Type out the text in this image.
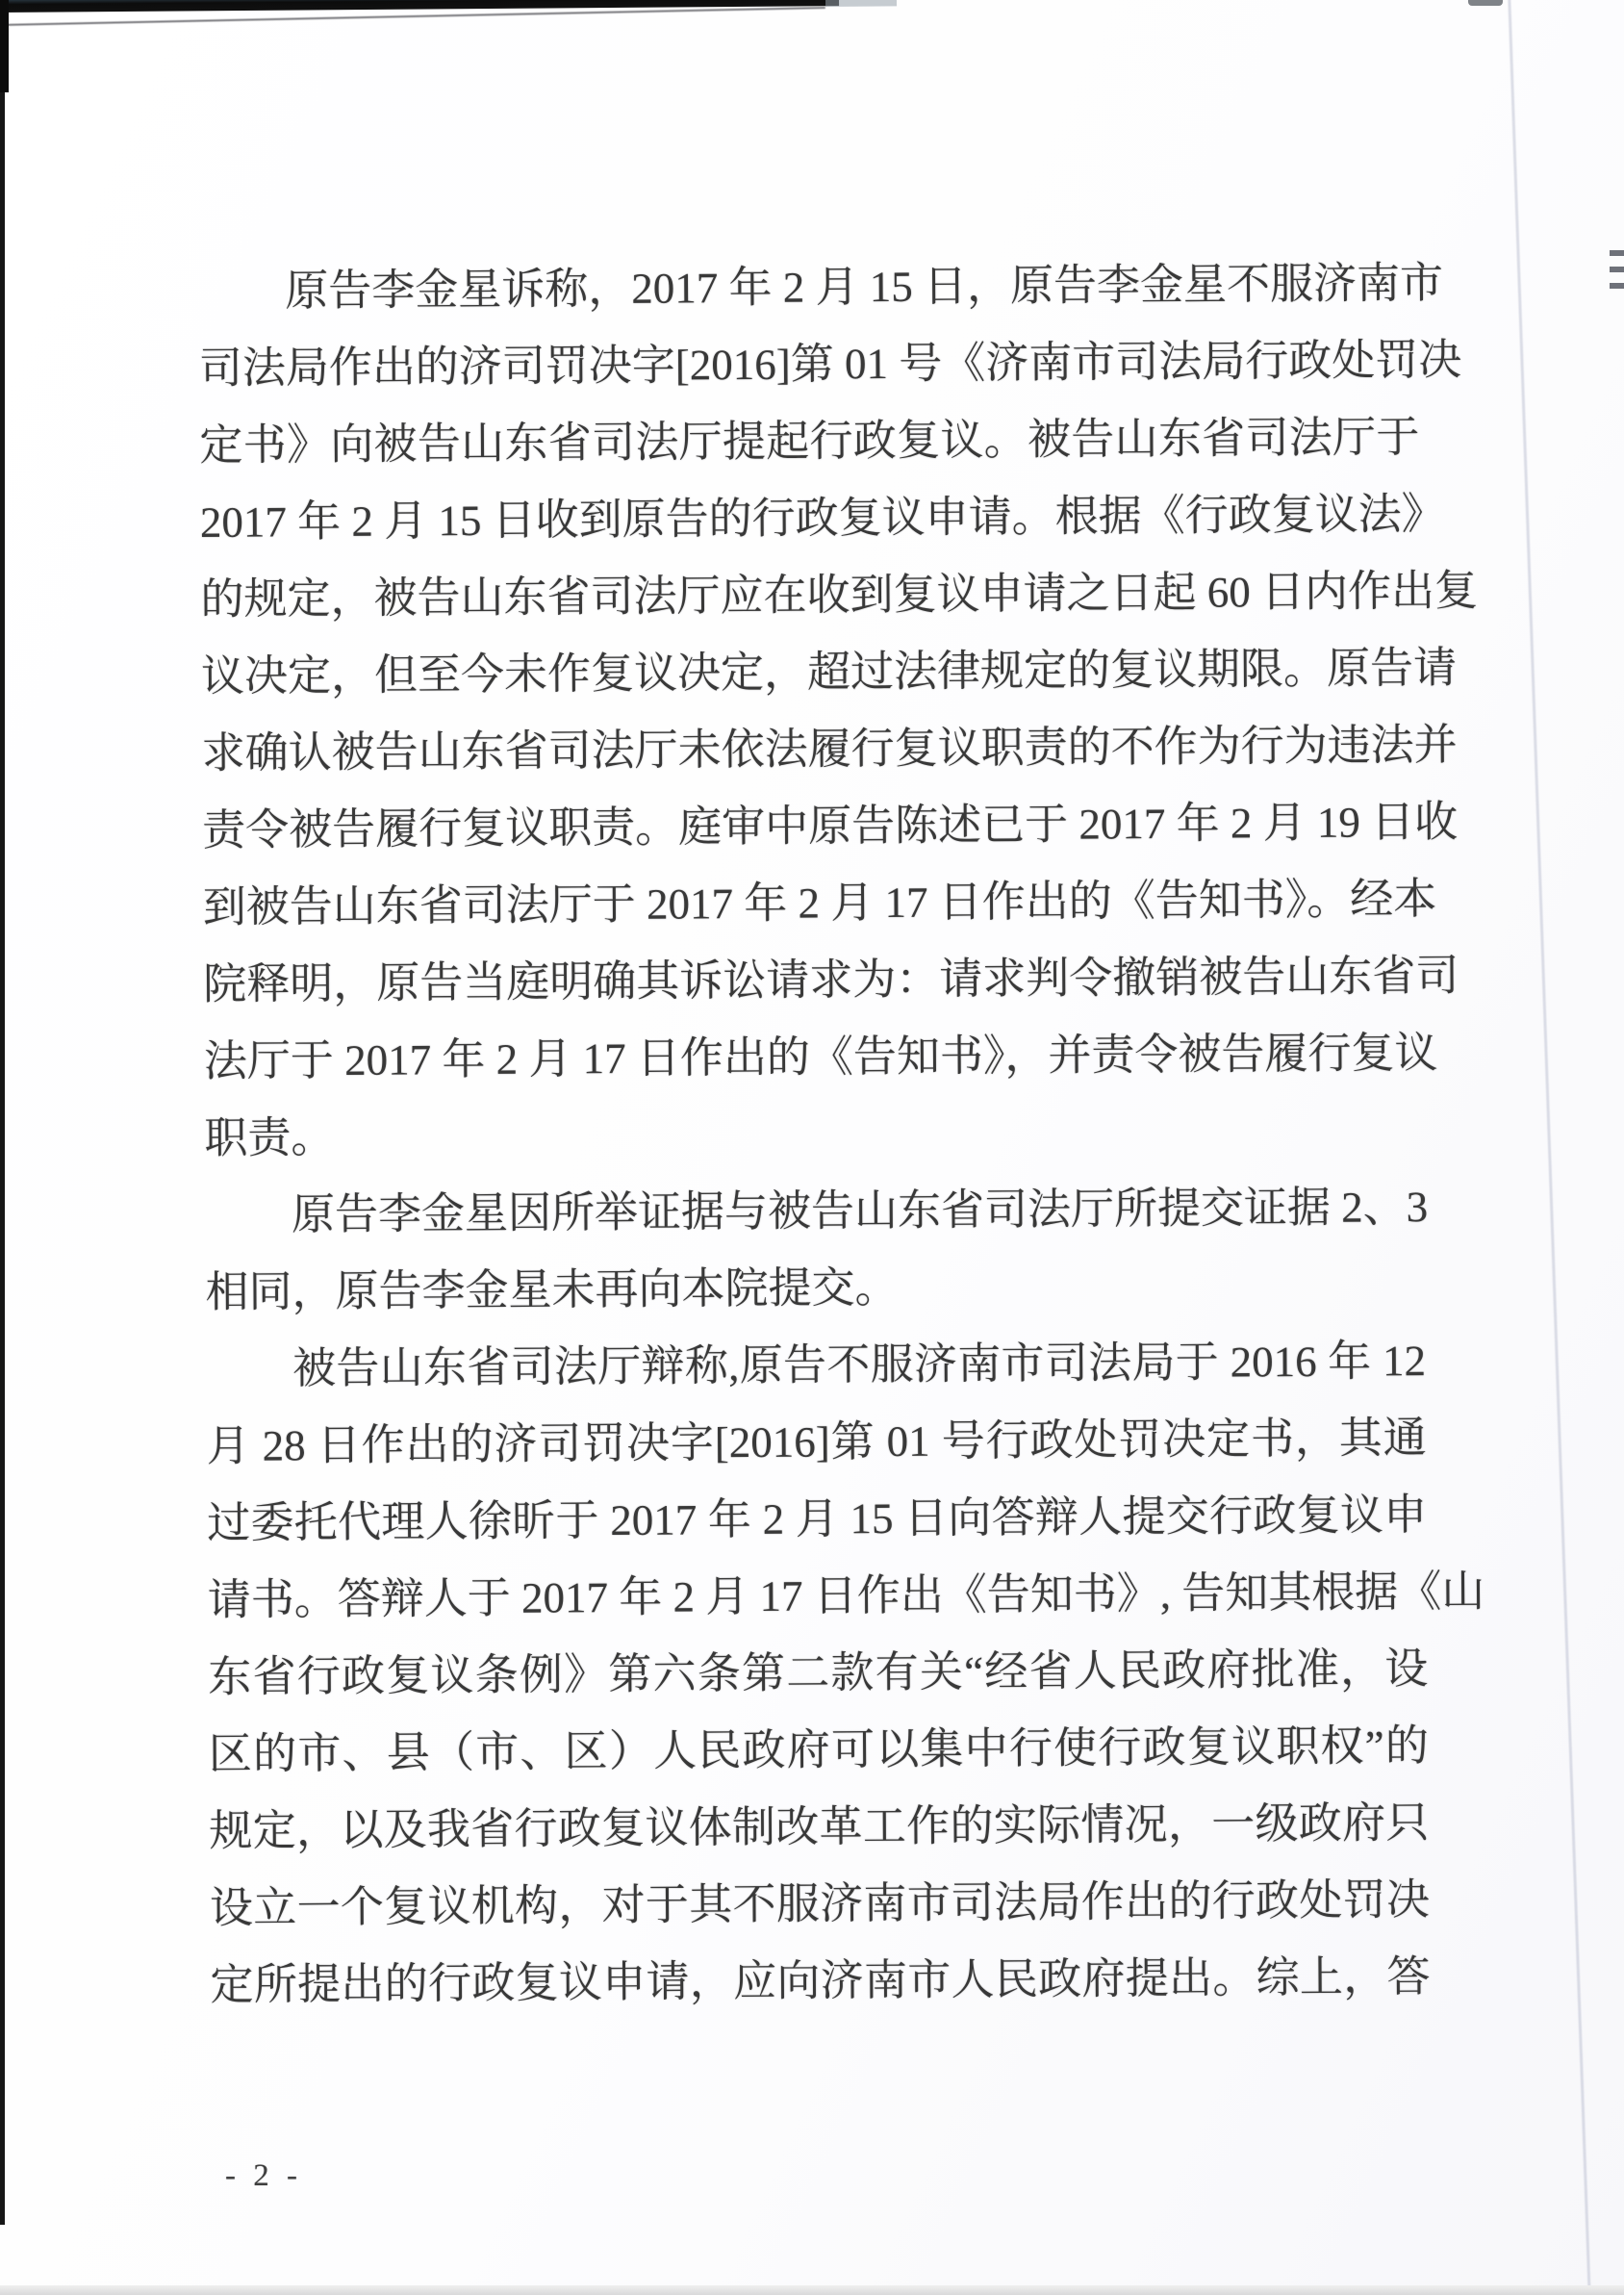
原告李金星诉称，2017 年 2 月 15 日，原告李金星不服济南市
司法局作出的济司罚决字[2016]第 01 号《济南市司法局行政处罚决
定书》向被告山东省司法厅提起行政复议。被告山东省司法厅于
2017 年 2 月 15 日收到原告的行政复议申请。根据《行政复议法》
的规定，被告山东省司法厅应在收到复议申请之日起 60 日内作出复
议决定，但至今未作复议决定，超过法律规定的复议期限。原告请
求确认被告山东省司法厅未依法履行复议职责的不作为行为违法并
责令被告履行复议职责。庭审中原告陈述已于 2017 年 2 月 19 日收
到被告山东省司法厅于 2017 年 2 月 17 日作出的《告知书》。经本
院释明，原告当庭明确其诉讼请求为：请求判令撤销被告山东省司
法厅于 2017 年 2 月 17 日作出的《告知书》，并责令被告履行复议
职责。
原告李金星因所举证据与被告山东省司法厅所提交证据 2、3
相同，原告李金星未再向本院提交。
被告山东省司法厅辩称,原告不服济南市司法局于 2016 年 12
月 28 日作出的济司罚决字[2016]第 01 号行政处罚决定书，其通
过委托代理人徐昕于 2017 年 2 月 15 日向答辩人提交行政复议申
请书。答辩人于 2017 年 2 月 17 日作出《告知书》, 告知其根据《山
东省行政复议条例》第六条第二款有关“经省人民政府批准，设
区的市、县（市、区）人民政府可以集中行使行政复议职权”的
规定，以及我省行政复议体制改革工作的实际情况，一级政府只
设立一个复议机构，对于其不服济南市司法局作出的行政处罚决
定所提出的行政复议申请，应向济南市人民政府提出。综上，答
- 2 -
